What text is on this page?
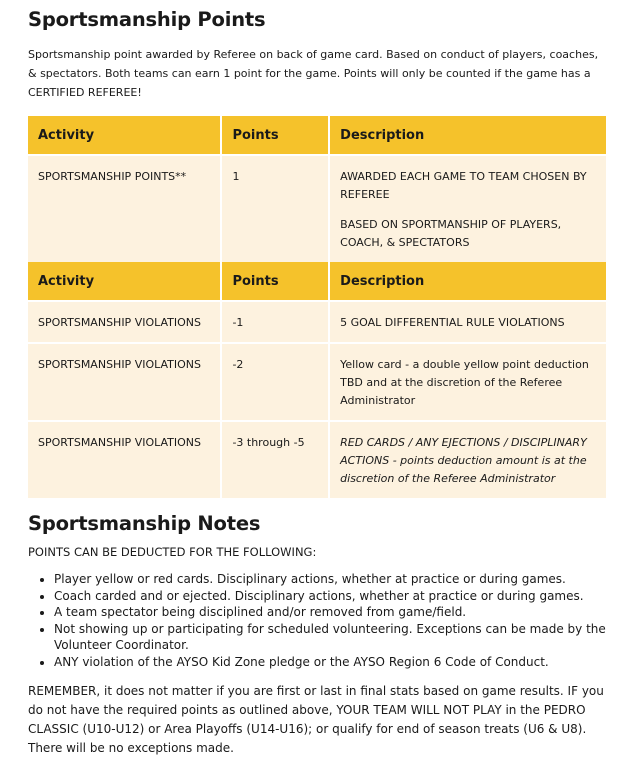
Sportsmanship Points

Sportsmanship point awarded by Referee on back of game card. Based on conduct of players, coaches, & spectators. Both teams can earn 1 point for the game. Points will only be counted if the game has a CERTIFIED REFEREE!

Activity	Points	Description
SPORTSMANSHIP POINTS**	1	AWARDED EACH GAME TO TEAM CHOSEN BY REFEREE

BASED ON SPORTMANSHIP OF PLAYERS, COACH, & SPECTATORS

Activity	Points	Description
SPORTSMANSHIP VIOLATIONS	-1	5 GOAL DIFFERENTIAL RULE VIOLATIONS
SPORTSMANSHIP VIOLATIONS	-2	Yellow card - a double yellow point deduction TBD and at the discretion of the Referee Administrator
SPORTSMANSHIP VIOLATIONS	-3 through -5	RED CARDS / ANY EJECTIONS / DISCIPLINARY ACTIONS - points deduction amount is at the discretion of the Referee Administrator
Sportsmanship Notes

POINTS CAN BE DEDUCTED FOR THE FOLLOWING:

• Player yellow or red cards. Disciplinary actions, whether at practice or during games.
• Coach carded and or ejected. Disciplinary actions, whether at practice or during games.
• A team spectator being disciplined and/or removed from game/field.
• Not showing up or participating for scheduled volunteering. Exceptions can be made by the Volunteer Coordinator.
• ANY violation of the AYSO Kid Zone pledge or the AYSO Region 6 Code of Conduct.

REMEMBER, it does not matter if you are first or last in final stats based on game results. IF you do not have the required points as outlined above, YOUR TEAM WILL NOT PLAY in the PEDRO CLASSIC (U10-U12) or Area Playoffs (U14-U16); or qualify for end of season treats (U6 & U8). There will be no exceptions made.
